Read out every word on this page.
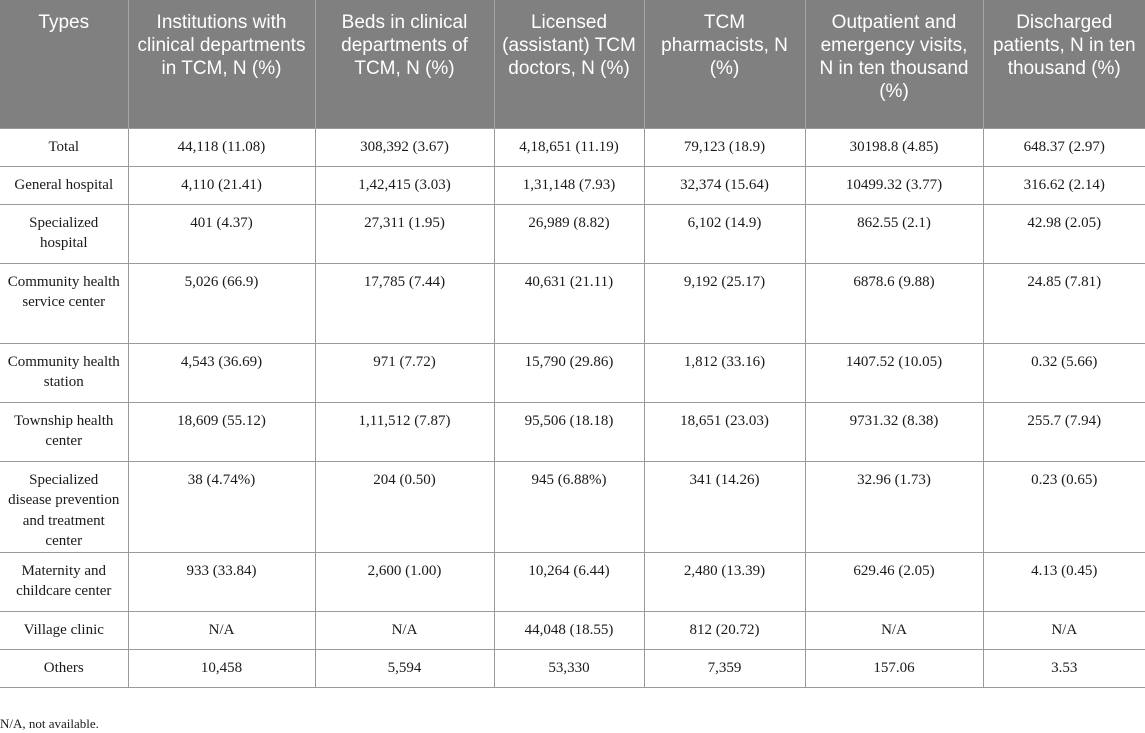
Types	Institutions with clinical departments in TCM, N (%)	Beds in clinical departments of TCM, N (%)	Licensed (assistant) TCM doctors, N (%)	TCM pharmacists, N (%)	Outpatient and emergency visits, N in ten thousand (%)	Discharged patients, N in ten thousand (%)
Total	44,118 (11.08)	308,392 (3.67)	4,18,651 (11.19)	79,123 (18.9)	30198.8 (4.85)	648.37 (2.97)
General hospital	4,110 (21.41)	1,42,415 (3.03)	1,31,148 (7.93)	32,374 (15.64)	10499.32 (3.77)	316.62 (2.14)
Specialized hospital	401 (4.37)	27,311 (1.95)	26,989 (8.82)	6,102 (14.9)	862.55 (2.1)	42.98 (2.05)
Community health service center	5,026 (66.9)	17,785 (7.44)	40,631 (21.11)	9,192 (25.17)	6878.6 (9.88)	24.85 (7.81)
Community health station	4,543 (36.69)	971 (7.72)	15,790 (29.86)	1,812 (33.16)	1407.52 (10.05)	0.32 (5.66)
Township health center	18,609 (55.12)	1,11,512 (7.87)	95,506 (18.18)	18,651 (23.03)	9731.32 (8.38)	255.7 (7.94)
Specialized disease prevention and treatment center	38 (4.74%)	204 (0.50)	945 (6.88%)	341 (14.26)	32.96 (1.73)	0.23 (0.65)
Maternity and childcare center	933 (33.84)	2,600 (1.00)	10,264 (6.44)	2,480 (13.39)	629.46 (2.05)	4.13 (0.45)
Village clinic	N/A	N/A	44,048 (18.55)	812 (20.72)	N/A	N/A
Others	10,458	5,594	53,330	7,359	157.06	3.53
N/A, not available.
